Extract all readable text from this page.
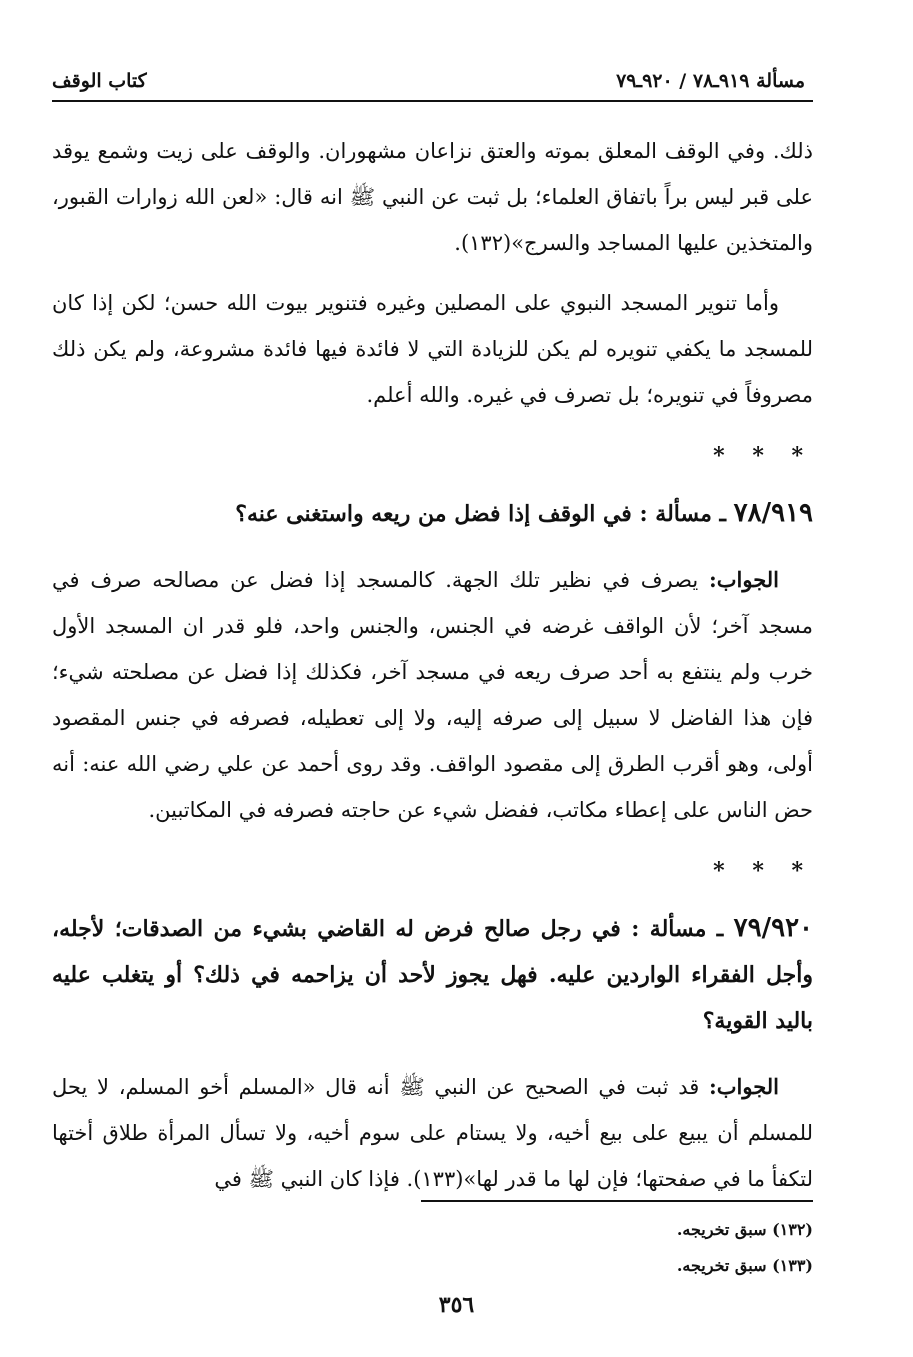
مسألة ٩١٩ـ٧٨ / ٩٢٠ـ٧٩
كتاب الوقف

ذلك. وفي الوقف المعلق بموته والعتق نزاعان مشهوران. والوقف على زيت وشمع يوقد على قبر ليس براً باتفاق العلماء؛ بل ثبت عن النبي ﷺ انه قال: «لعن الله زوارات القبور، والمتخذين عليها المساجد والسرج»(١٣٢).

وأما تنوير المسجد النبوي على المصلين وغيره فتنوير بيوت الله حسن؛ لكن إذا كان للمسجد ما يكفي تنويره لم يكن للزيادة التي لا فائدة فيها فائدة مشروعة، ولم يكن ذلك مصروفاً في تنويره؛ بل تصرف في غيره. والله أعلم.

* * *

٧٨/٩١٩ ـ مسألة : في الوقف إذا فضل من ريعه واستغنى عنه؟

الجواب: يصرف في نظير تلك الجهة. كالمسجد إذا فضل عن مصالحه صرف في مسجد آخر؛ لأن الواقف غرضه في الجنس، والجنس واحد، فلو قدر ان المسجد الأول خرب ولم ينتفع به أحد صرف ريعه في مسجد آخر، فكذلك إذا فضل عن مصلحته شيء؛ فإن هذا الفاضل لا سبيل إلى صرفه إليه، ولا إلى تعطيله، فصرفه في جنس المقصود أولى، وهو أقرب الطرق إلى مقصود الواقف. وقد روى أحمد عن علي رضي الله عنه: أنه حض الناس على إعطاء مكاتب، ففضل شيء عن حاجته فصرفه في المكاتبين.

* * *

٧٩/٩٢٠ ـ مسألة : في رجل صالح فرض له القاضي بشيء من الصدقات؛ لأجله، وأجل الفقراء الواردين عليه. فهل يجوز لأحد أن يزاحمه في ذلك؟ أو يتغلب عليه باليد القوية؟

الجواب: قد ثبت في الصحيح عن النبي ﷺ أنه قال «المسلم أخو المسلم، لا يحل للمسلم أن يبيع على بيع أخيه، ولا يستام على سوم أخيه، ولا تسأل المرأة طلاق أختها لتكفأ ما في صفحتها؛ فإن لها ما قدر لها»(١٣٣). فإذا كان النبي ﷺ في

(١٣٢) سبق تخريجه.
(١٣٣) سبق تخريجه.
٣٥٦
